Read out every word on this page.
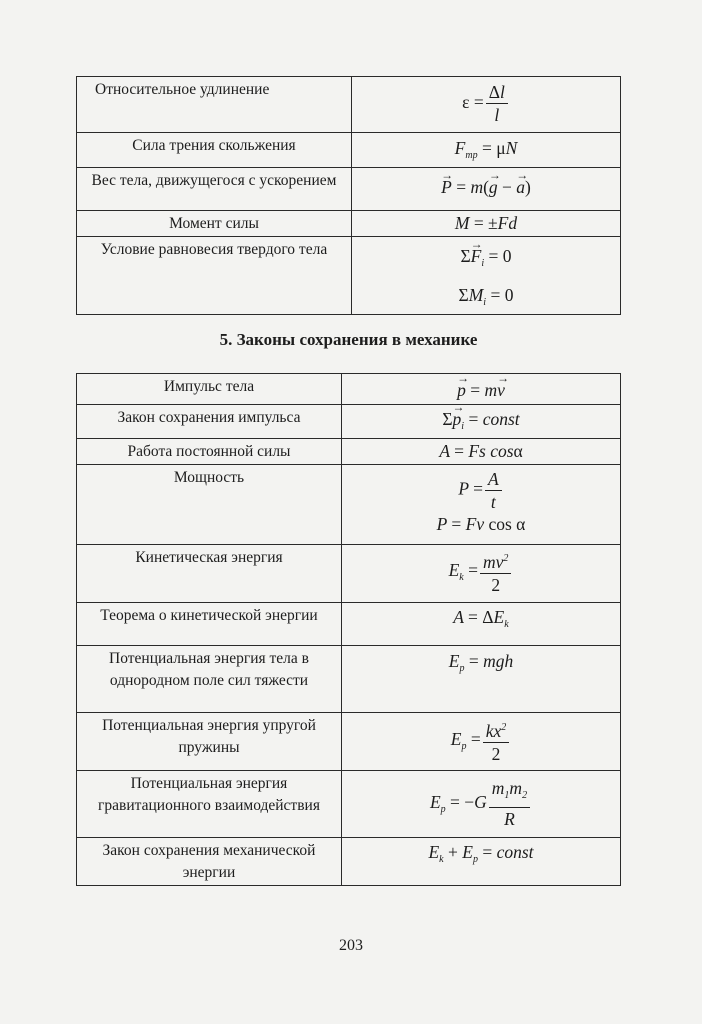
Относительное удлинение	$\varepsilon = \frac{\Delta l}{l}$

Сила трения скольжения	$F_{тр} = \mu N$

Вес тела, движущегося с ускорением	→ P = m(→ g − → a)

Момент силы	M = ±Fd

Условие равновесия твердого тела	$\Sigma\to F_i = 0$
$\Sigma M_i = 0$
5. Законы сохранения в механике
Импульс тела	→ p = m→ v

Закон сохранения импульса	$\Sigma\to p_i$ = const

Работа постоянной силы	A = Fs cosα

Мощность	$P = \frac{A}{t}$
P = Fv cos α

Кинетическая энергия	$E_k = \frac{mv^2}{2}$

Теорема о кинетической энергии	$A = \Delta E_k$

Потенциальная энергия тела в однородном поле сил тяжести	$E_p$ = mgh

Потенциальная энергия упругой пружины	$E_p = \frac{kx^2}{2}$

Потенциальная энергия гравитационного взаимодействия	$E_p = -G \frac{m_1m_2}{R}$

Закон сохранения механической энергии	$E_k + E_p$ = const
203
